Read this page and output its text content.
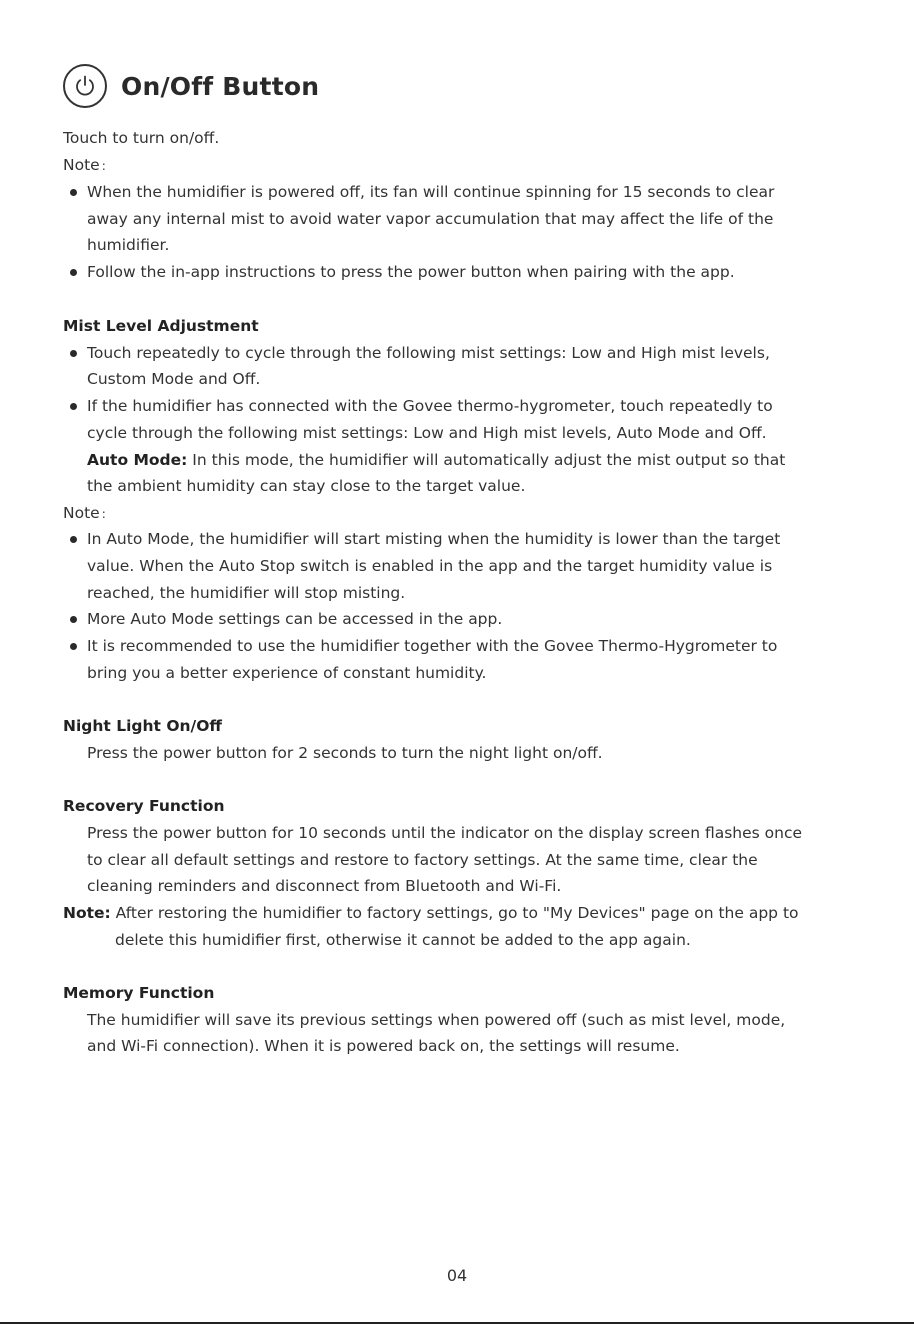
On/Off Button
Touch to turn on/off.
Note :
When the humidifier is powered off, its fan will continue spinning for 15 seconds to clear
away any internal mist to avoid water vapor accumulation that may affect the life of the
humidifier.
Follow the in-app instructions to press the power button when pairing with the app.
Mist Level Adjustment
Touch repeatedly to cycle through the following mist settings: Low and High mist levels,
Custom Mode and Off.
If the humidifier has connected with the Govee thermo-hygrometer, touch repeatedly to
cycle through the following mist settings: Low and High mist levels, Auto Mode and Off.
Auto Mode: In this mode, the humidifier will automatically adjust the mist output so that
the ambient humidity can stay close to the target value.
Note :
In Auto Mode, the humidifier will start misting when the humidity is lower than the target
value. When the Auto Stop switch is enabled in the app and the target humidity value is
reached, the humidifier will stop misting.
More Auto Mode settings can be accessed in the app.
It is recommended to use the humidifier together with the Govee Thermo-Hygrometer to
bring you a better experience of constant humidity.
Night Light On/Off
Press the power button for 2 seconds to turn the night light on/off.
Recovery Function
Press the power button for 10 seconds until the indicator on the display screen flashes once
to clear all default settings and restore to factory settings. At the same time, clear the
cleaning reminders and disconnect from Bluetooth and Wi-Fi.
Note: After restoring the humidifier to factory settings, go to "My Devices" page on the app to
delete this humidifier first, otherwise it cannot be added to the app again.
Memory Function
The humidifier will save its previous settings when powered off (such as mist level, mode,
and Wi-Fi connection). When it is powered back on, the settings will resume.
04
